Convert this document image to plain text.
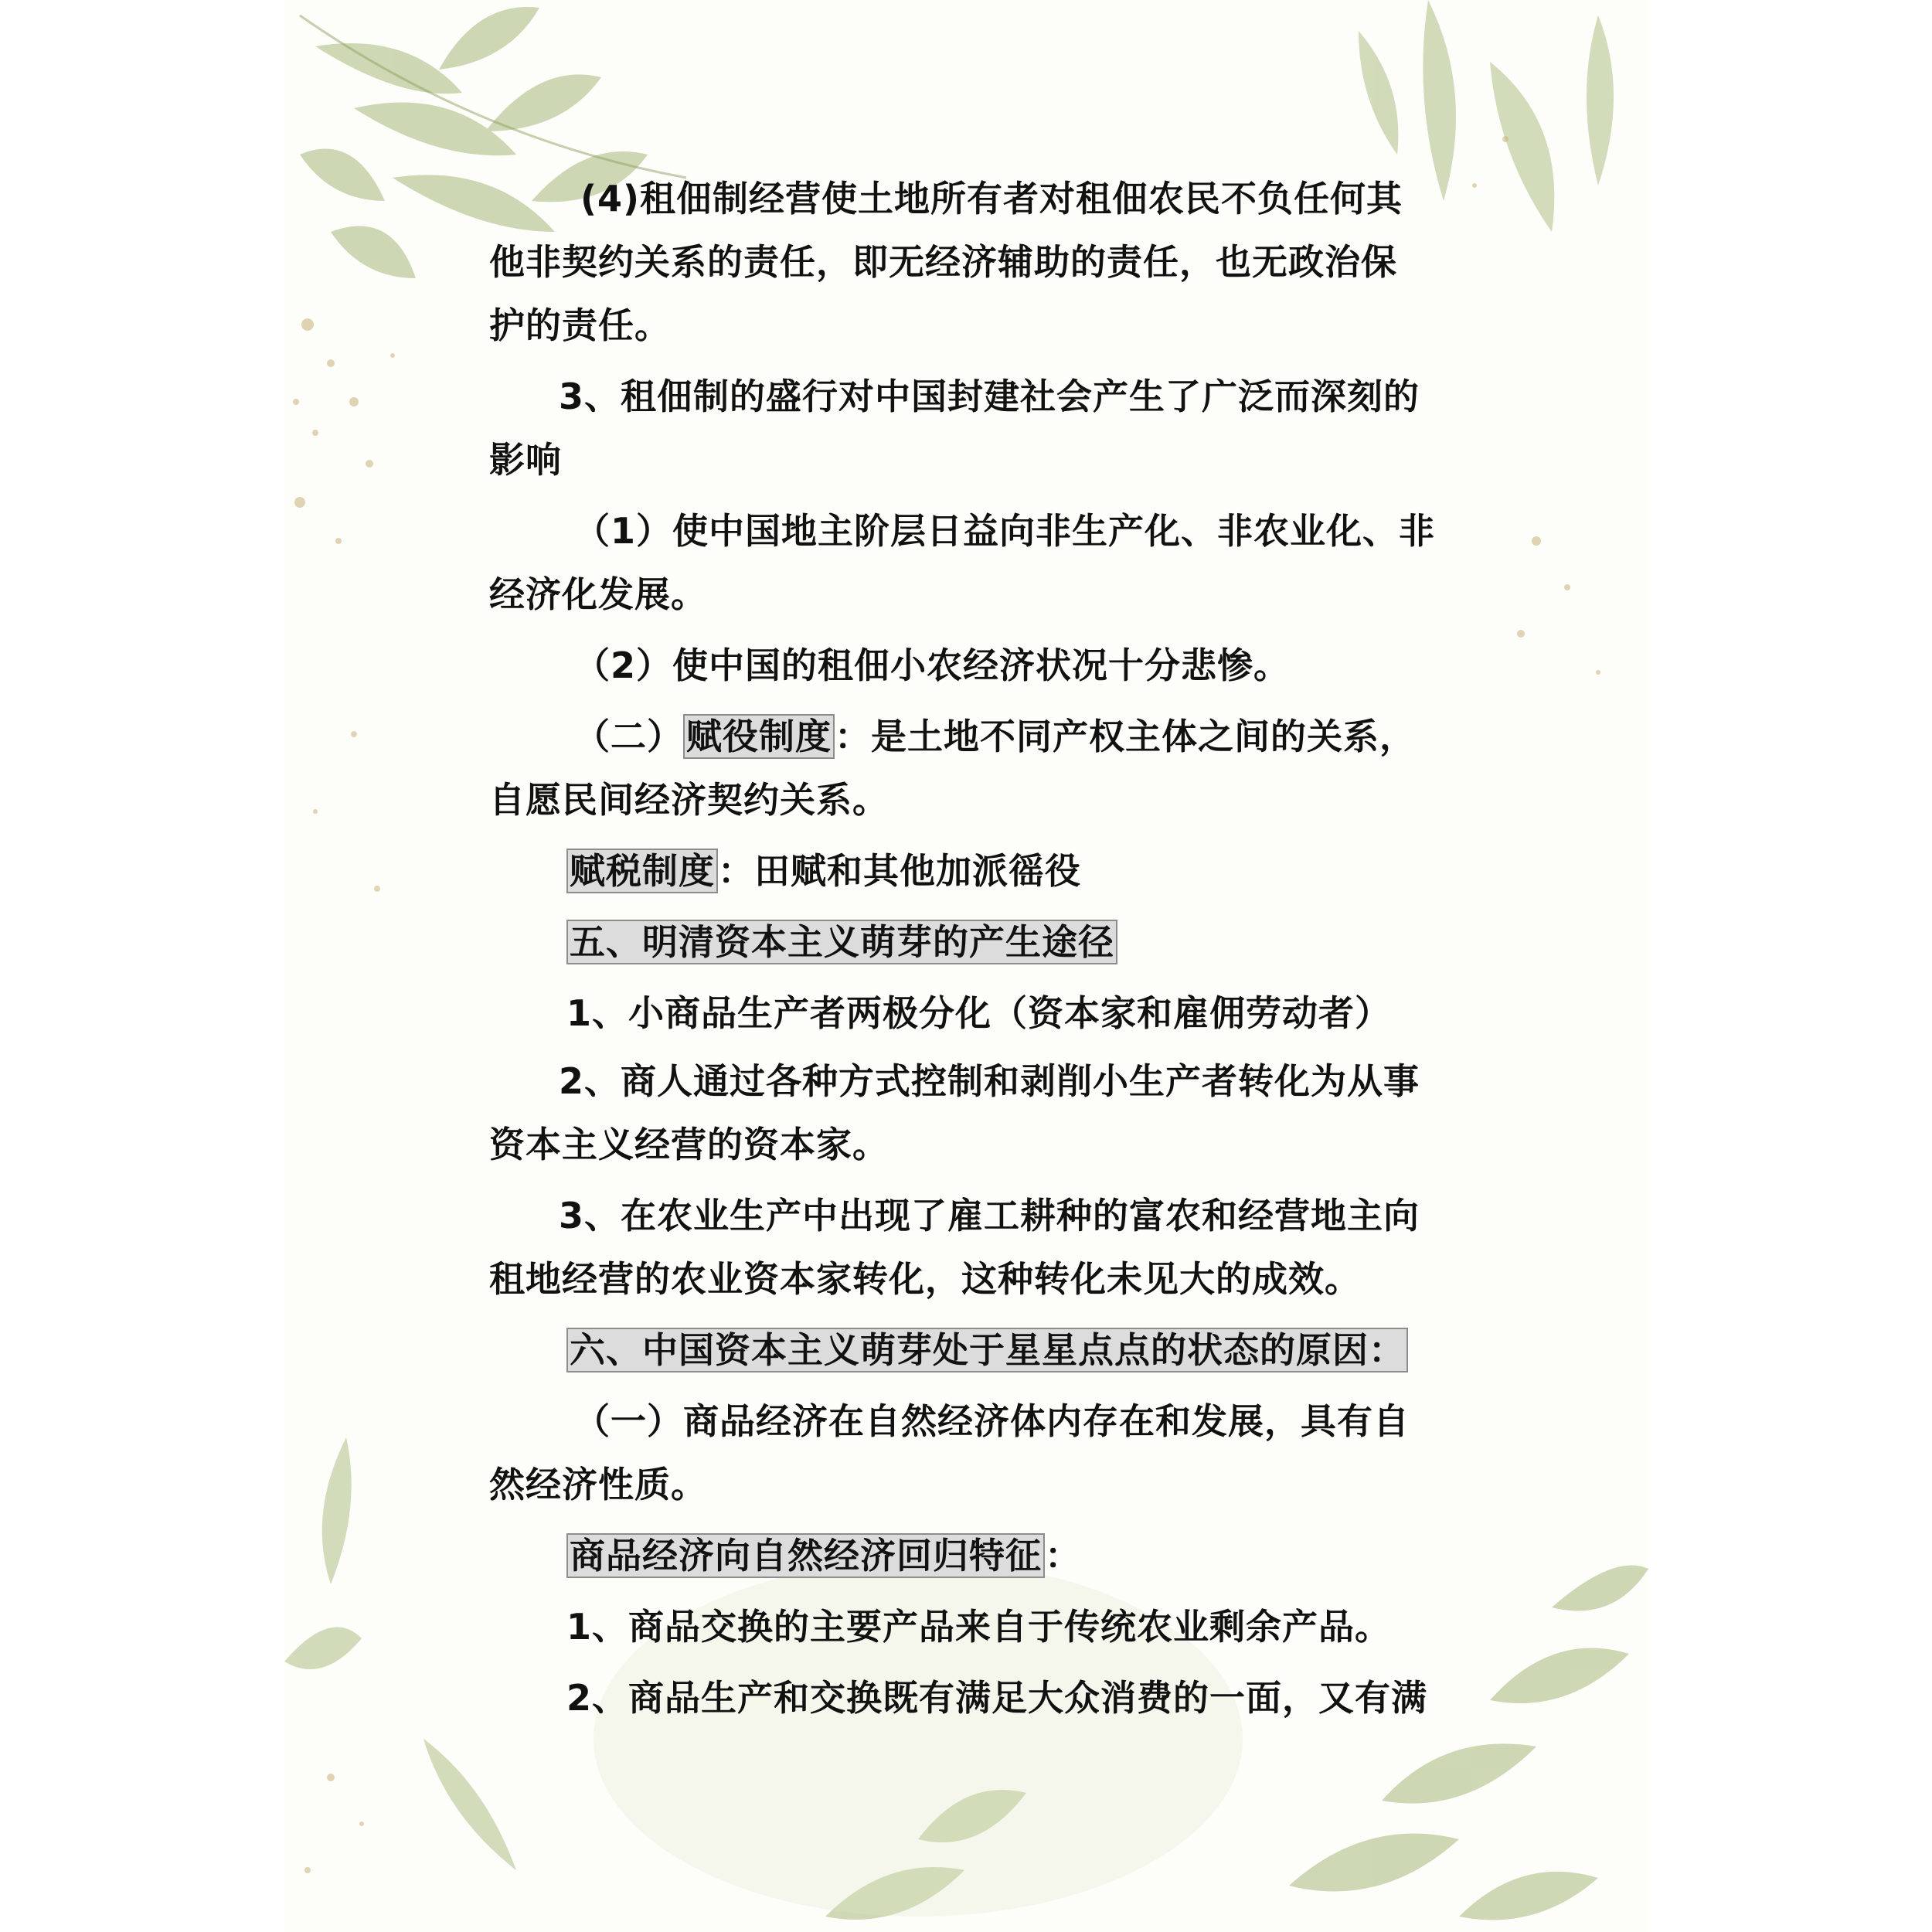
(4)租佃制经营使土地所有者对租佃农民不负任何其
他非契约关系的责任，即无经济辅助的责任，也无政治保
护的责任。
3、租佃制的盛行对中国封建社会产生了广泛而深刻的
影响
（1）使中国地主阶层日益向非生产化、非农业化、非
经济化发展。
（2）使中国的租佃小农经济状况十分悲惨。
（二）赋役制度：是土地不同产权主体之间的关系，
自愿民间经济契约关系。
赋税制度：田赋和其他加派徭役
五、明清资本主义萌芽的产生途径
1、小商品生产者两极分化（资本家和雇佣劳动者）
2、商人通过各种方式控制和剥削小生产者转化为从事
资本主义经营的资本家。
3、在农业生产中出现了雇工耕种的富农和经营地主向
租地经营的农业资本家转化，这种转化未见大的成效。
六、中国资本主义萌芽处于星星点点的状态的原因：
（一）商品经济在自然经济体内存在和发展，具有自
然经济性质。
商品经济向自然经济回归特征：
1、商品交换的主要产品来自于传统农业剩余产品。
2、商品生产和交换既有满足大众消费的一面，又有满
